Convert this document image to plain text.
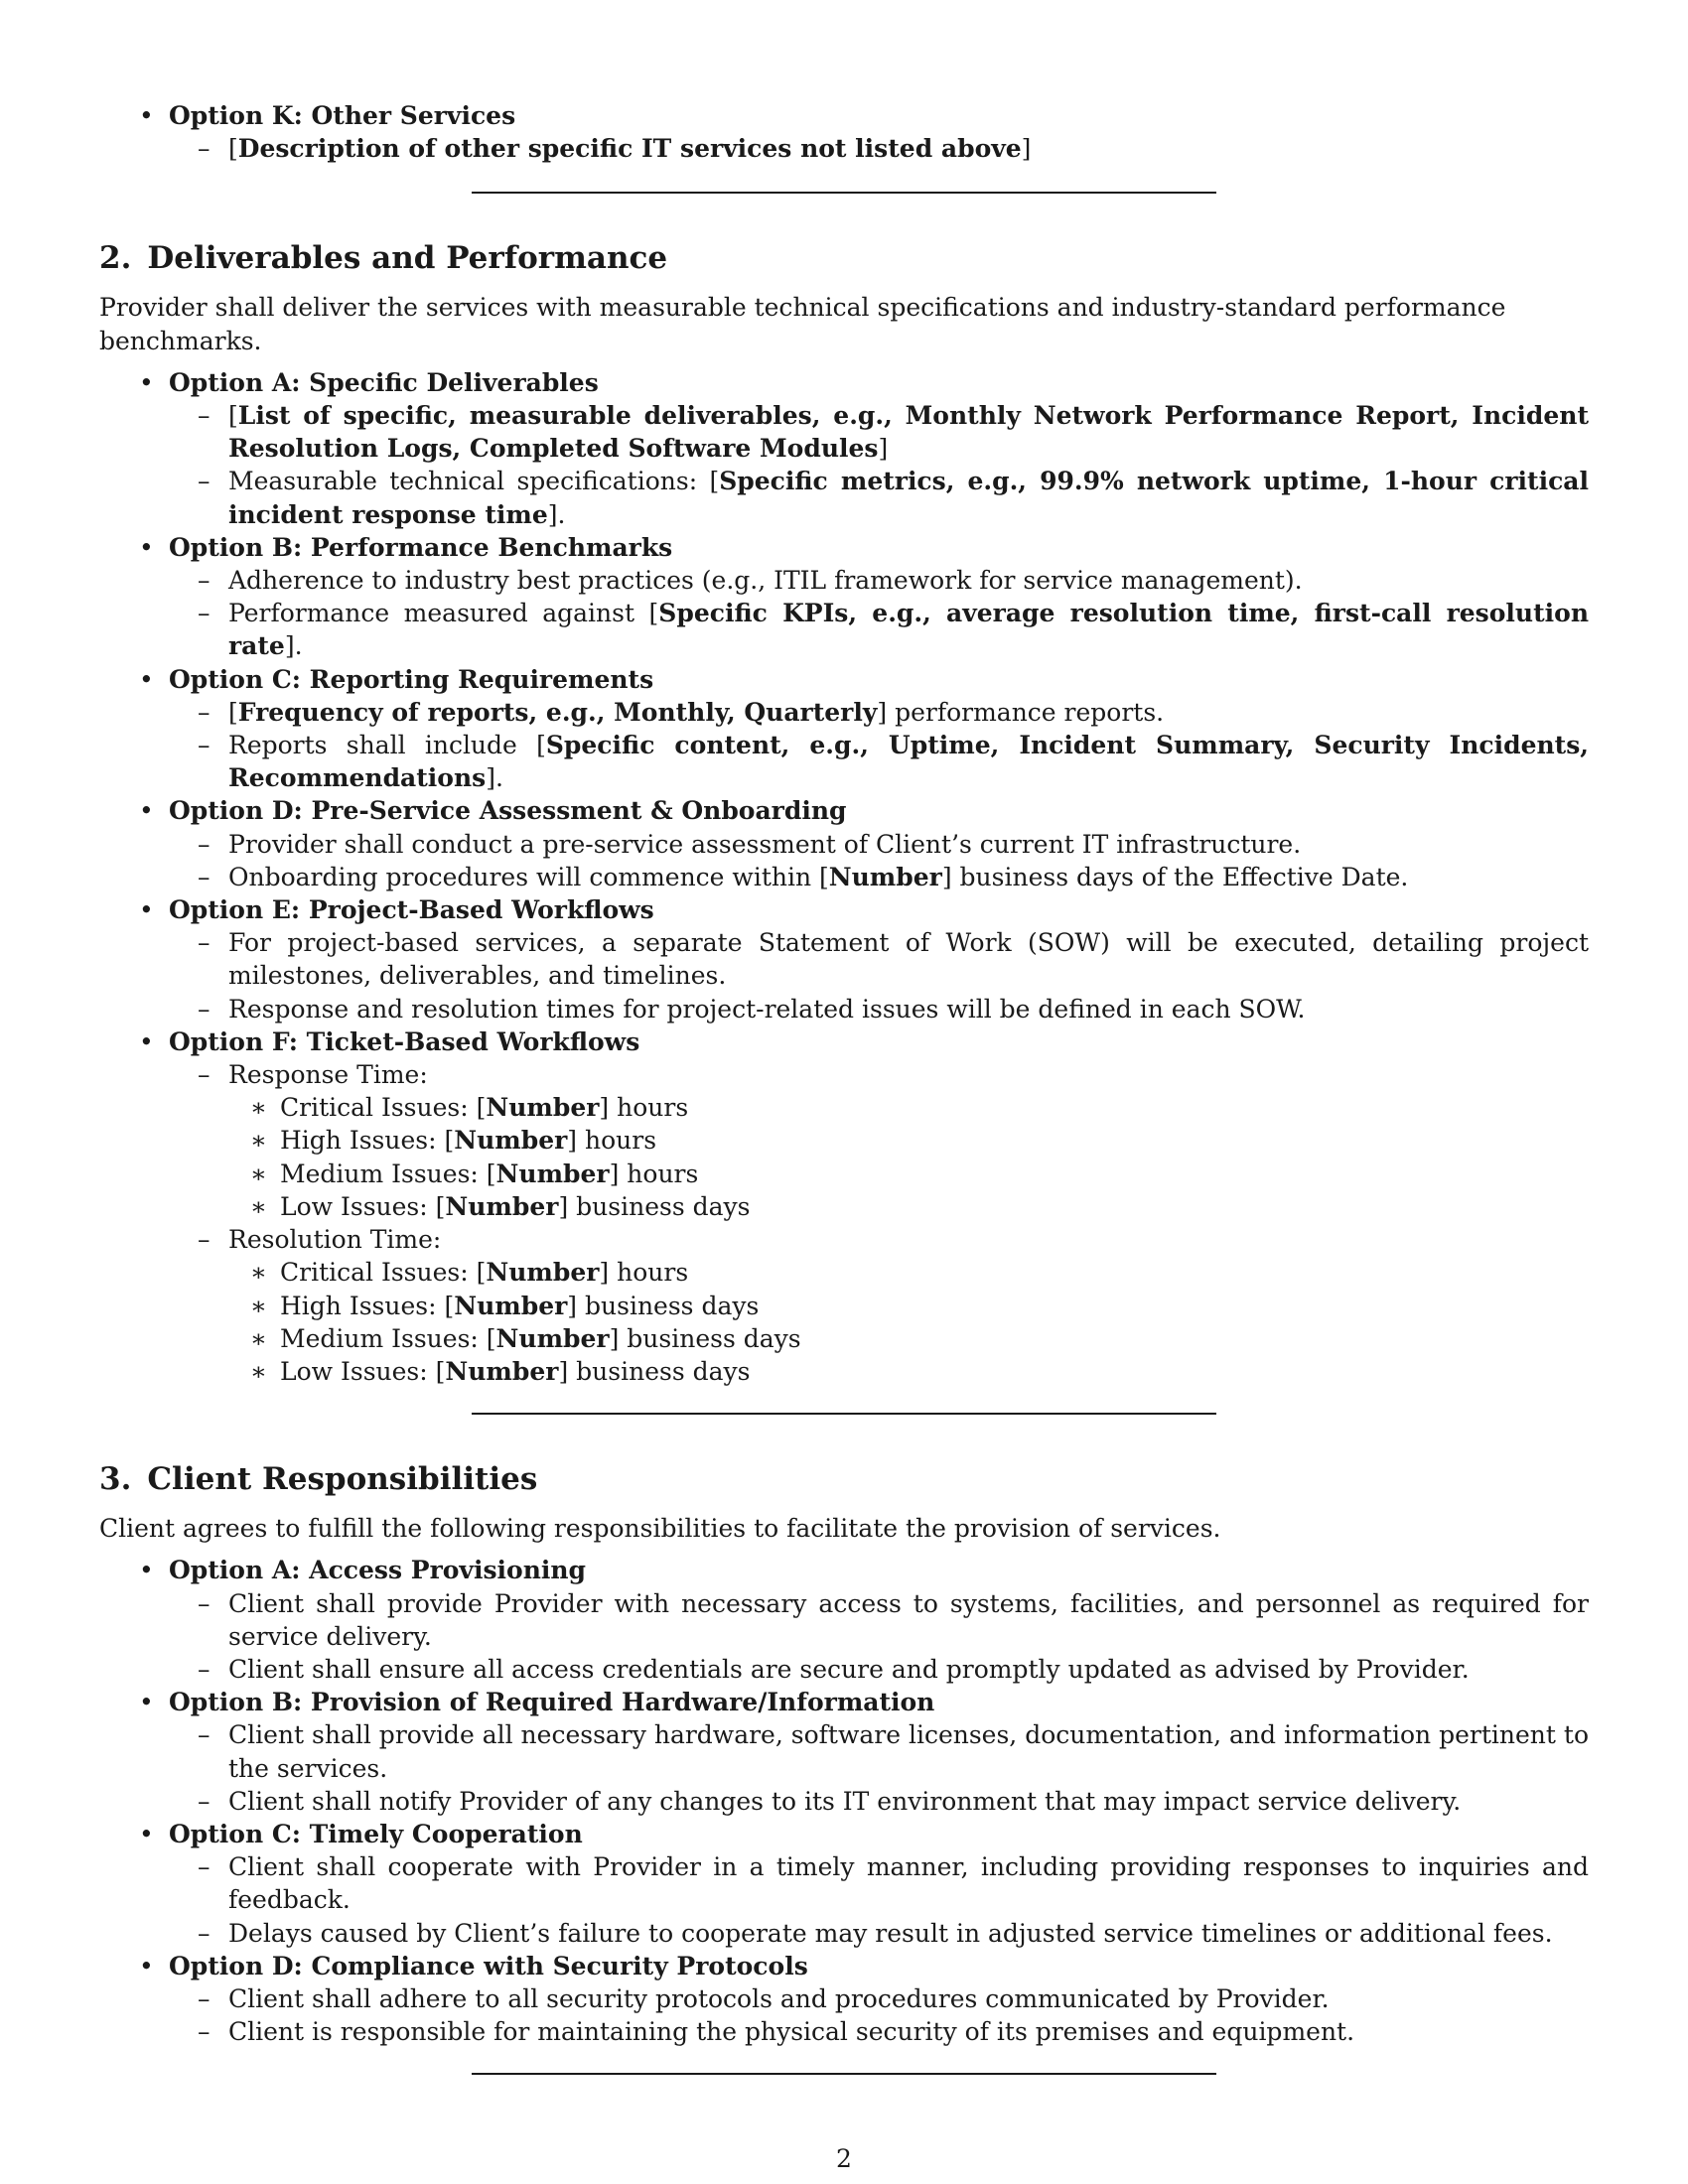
• Option K: Other Services
– [Description of other specific IT services not listed above]
2. Deliverables and Performance
Provider shall deliver the services with measurable technical specifications and industry-standard performance benchmarks.
• Option A: Specific Deliverables
– [List of specific, measurable deliverables, e.g., Monthly Network Performance Report, Incident Resolution Logs, Completed Software Modules]
– Measurable technical specifications: [Specific metrics, e.g., 99.9% network uptime, 1-hour critical incident response time].
• Option B: Performance Benchmarks
– Adherence to industry best practices (e.g., ITIL framework for service management).
– Performance measured against [Specific KPIs, e.g., average resolution time, first-call resolution rate].
• Option C: Reporting Requirements
– [Frequency of reports, e.g., Monthly, Quarterly] performance reports.
– Reports shall include [Specific content, e.g., Uptime, Incident Summary, Security Incidents, Recommendations].
• Option D: Pre-Service Assessment & Onboarding
– Provider shall conduct a pre-service assessment of Client’s current IT infrastructure.
– Onboarding procedures will commence within [Number] business days of the Effective Date.
• Option E: Project-Based Workflows
– For project-based services, a separate Statement of Work (SOW) will be executed, detailing project milestones, deliverables, and timelines.
– Response and resolution times for project-related issues will be defined in each SOW.
• Option F: Ticket-Based Workflows
– Response Time:
∗ Critical Issues: [Number] hours
∗ High Issues: [Number] hours
∗ Medium Issues: [Number] hours
∗ Low Issues: [Number] business days
– Resolution Time:
∗ Critical Issues: [Number] hours
∗ High Issues: [Number] business days
∗ Medium Issues: [Number] business days
∗ Low Issues: [Number] business days
3. Client Responsibilities
Client agrees to fulfill the following responsibilities to facilitate the provision of services.
• Option A: Access Provisioning
– Client shall provide Provider with necessary access to systems, facilities, and personnel as required for service delivery.
– Client shall ensure all access credentials are secure and promptly updated as advised by Provider.
• Option B: Provision of Required Hardware/Information
– Client shall provide all necessary hardware, software licenses, documentation, and information pertinent to the services.
– Client shall notify Provider of any changes to its IT environment that may impact service delivery.
• Option C: Timely Cooperation
– Client shall cooperate with Provider in a timely manner, including providing responses to inquiries and feedback.
– Delays caused by Client’s failure to cooperate may result in adjusted service timelines or additional fees.
• Option D: Compliance with Security Protocols
– Client shall adhere to all security protocols and procedures communicated by Provider.
– Client is responsible for maintaining the physical security of its premises and equipment.
2
